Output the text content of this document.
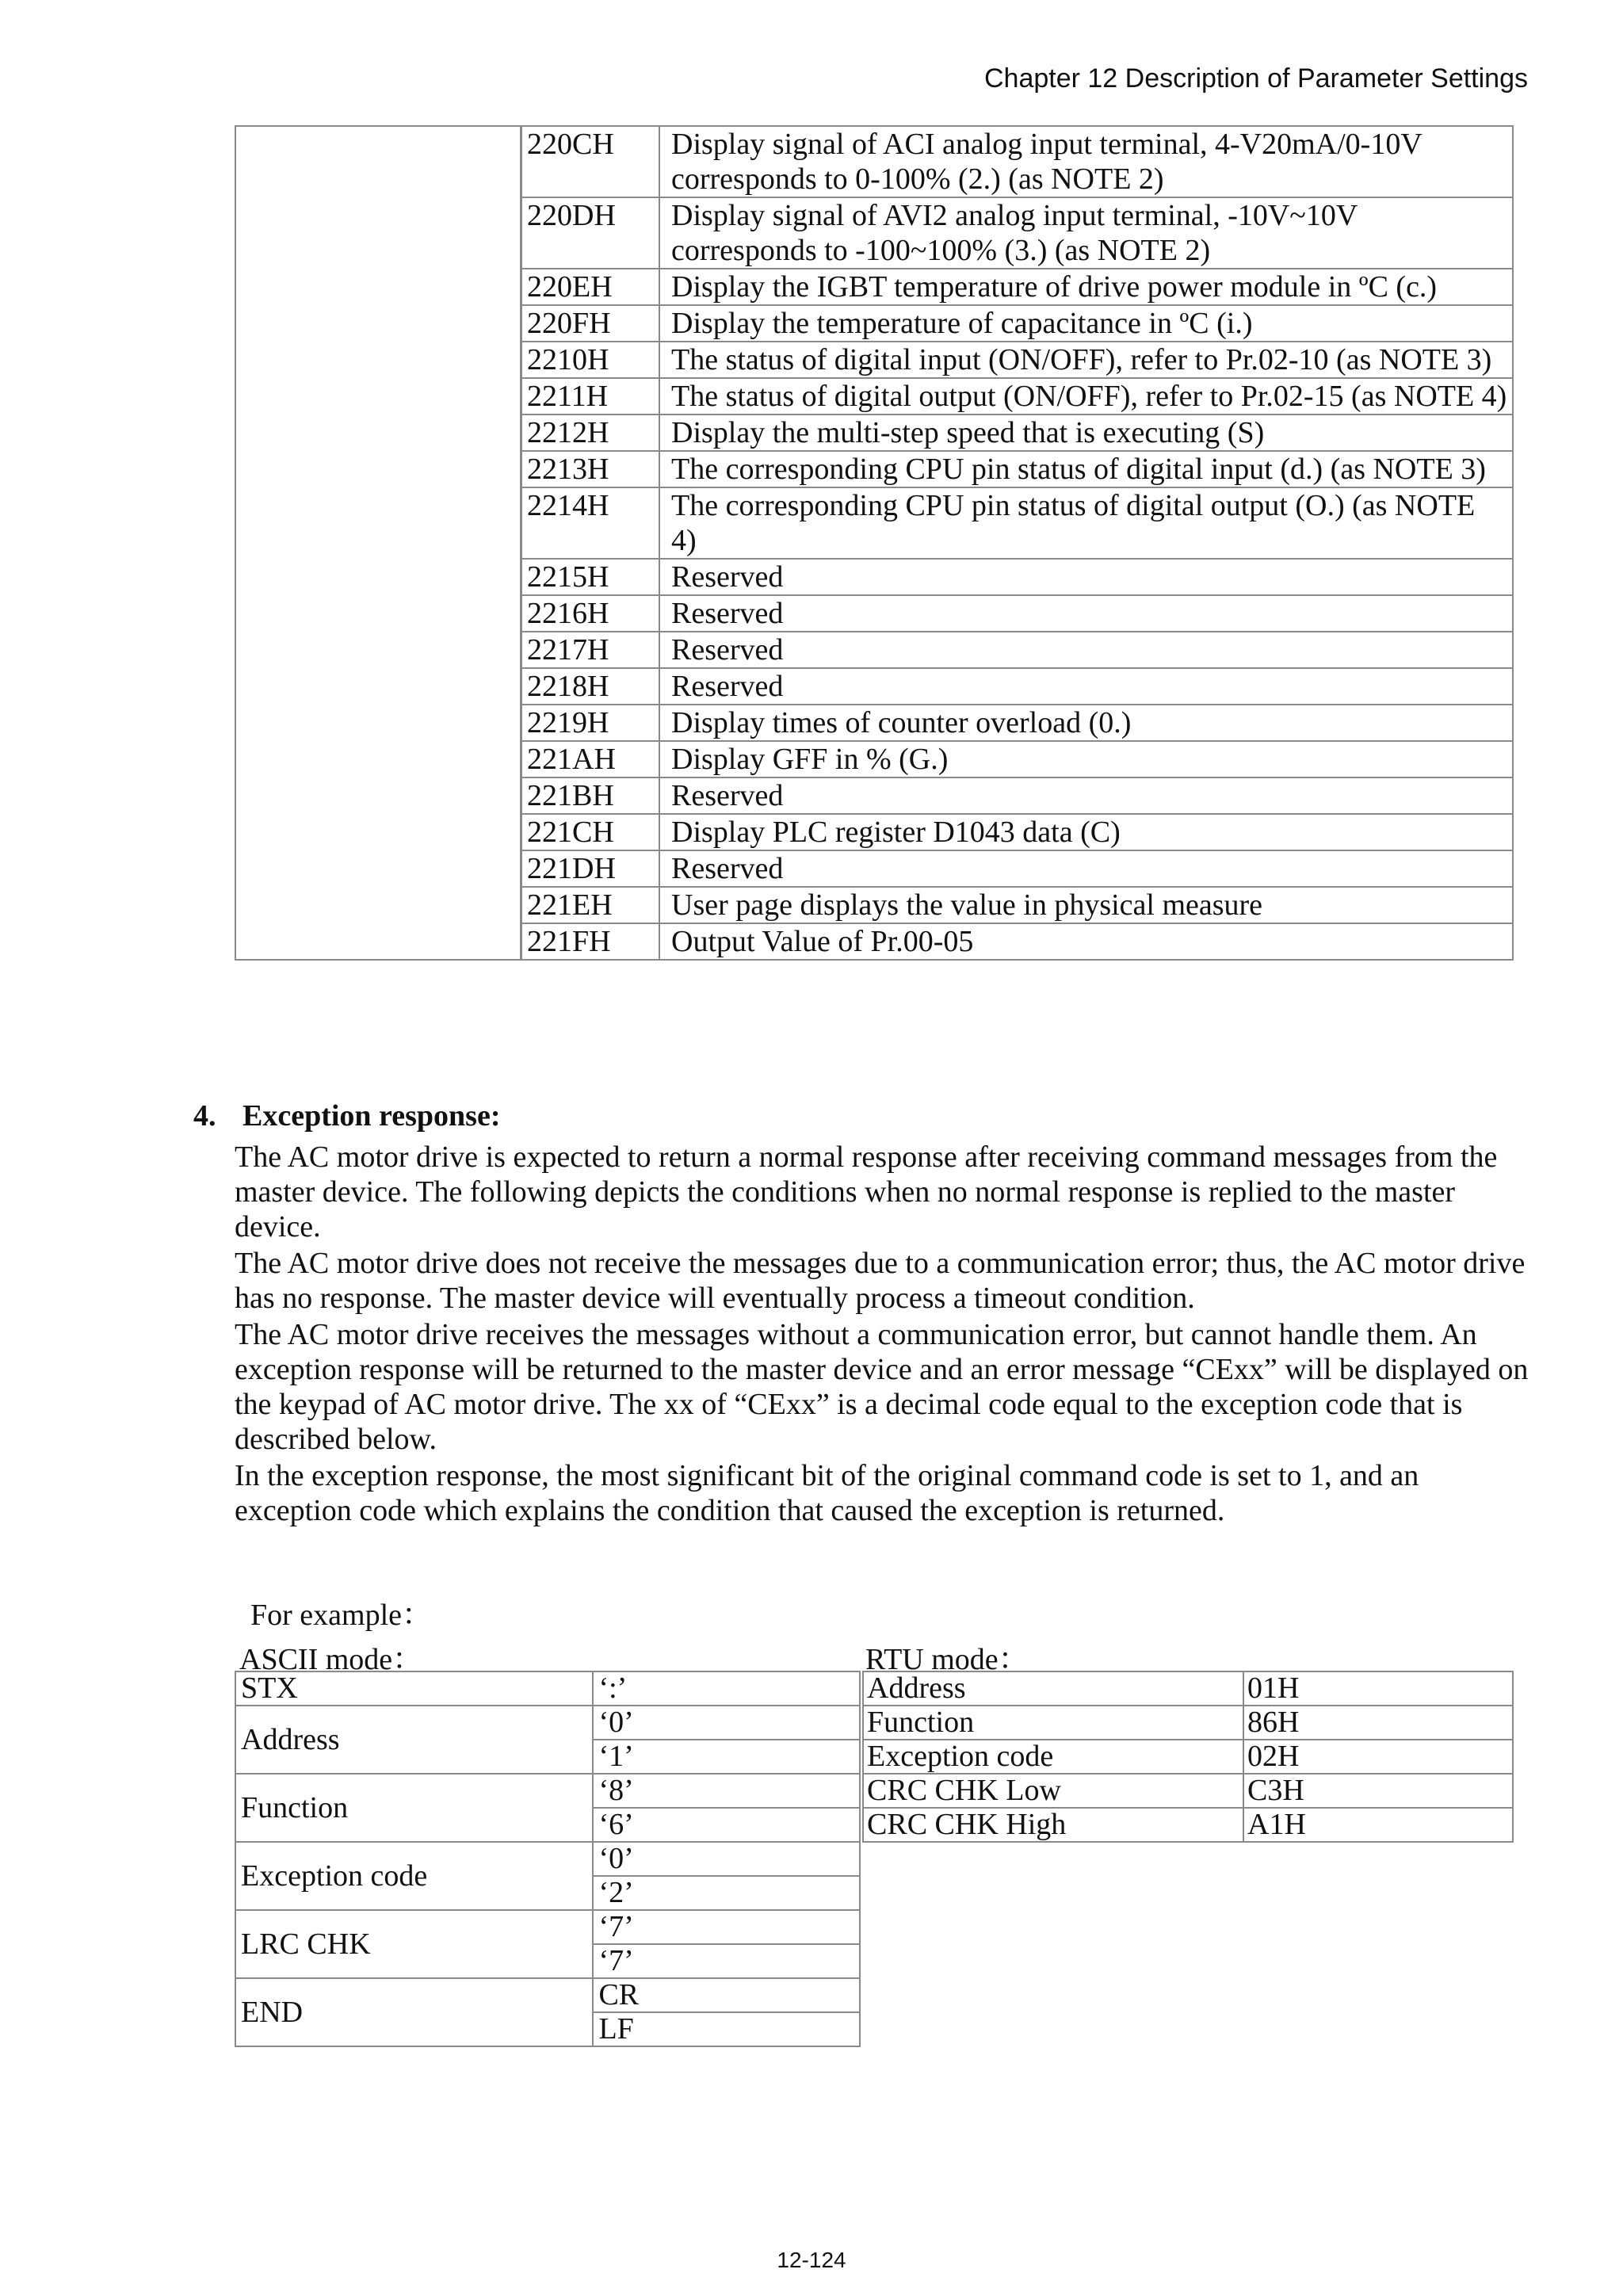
Chapter 12 Description of Parameter Settings
	220CH	Display signal of ACI analog input terminal, 4-V20mA/0-10V corresponds to 0-100% (2.) (as NOTE 2)
	220DH	Display signal of AVI2 analog input terminal, -10V~10V corresponds to -100~100% (3.) (as NOTE 2)
	220EH	Display the IGBT temperature of drive power module in ºC (c.)
	220FH	Display the temperature of capacitance in ºC (i.)
	2210H	The status of digital input (ON/OFF), refer to Pr.02-10 (as NOTE 3)
	2211H	The status of digital output (ON/OFF), refer to Pr.02-15 (as NOTE 4)
	2212H	Display the multi-step speed that is executing (S)
	2213H	The corresponding CPU pin status of digital input (d.) (as NOTE 3)
	2214H	The corresponding CPU pin status of digital output (O.) (as NOTE 4)
	2215H	Reserved
	2216H	Reserved
	2217H	Reserved
	2218H	Reserved
	2219H	Display times of counter overload (0.)
	221AH	Display GFF in % (G.)
	221BH	Reserved
	221CH	Display PLC register D1043 data (C)
	221DH	Reserved
	221EH	User page displays the value in physical measure
	221FH	Output Value of Pr.00-05
4. Exception response:

The AC motor drive is expected to return a normal response after receiving command messages from the master device. The following depicts the conditions when no normal response is replied to the master device.

The AC motor drive does not receive the messages due to a communication error; thus, the AC motor drive has no response. The master device will eventually process a timeout condition.

The AC motor drive receives the messages without a communication error, but cannot handle them. An exception response will be returned to the master device and an error message “CExx” will be displayed on the keypad of AC motor drive. The xx of “CExx” is a decimal code equal to the exception code that is described below.

In the exception response, the most significant bit of the original command code is set to 1, and an exception code which explains the condition that caused the exception is returned.

For example：
ASCII mode：	RTU mode：
STX	‘:’
Address	‘0’
	‘1’
Function	‘8’
	‘6’
Exception code	‘0’
	‘2’
LRC CHK	‘7’
	‘7’
END	CR
	LF
Address	01H
Function	86H
Exception code	02H
CRC CHK Low	C3H
CRC CHK High	A1H
12-124
